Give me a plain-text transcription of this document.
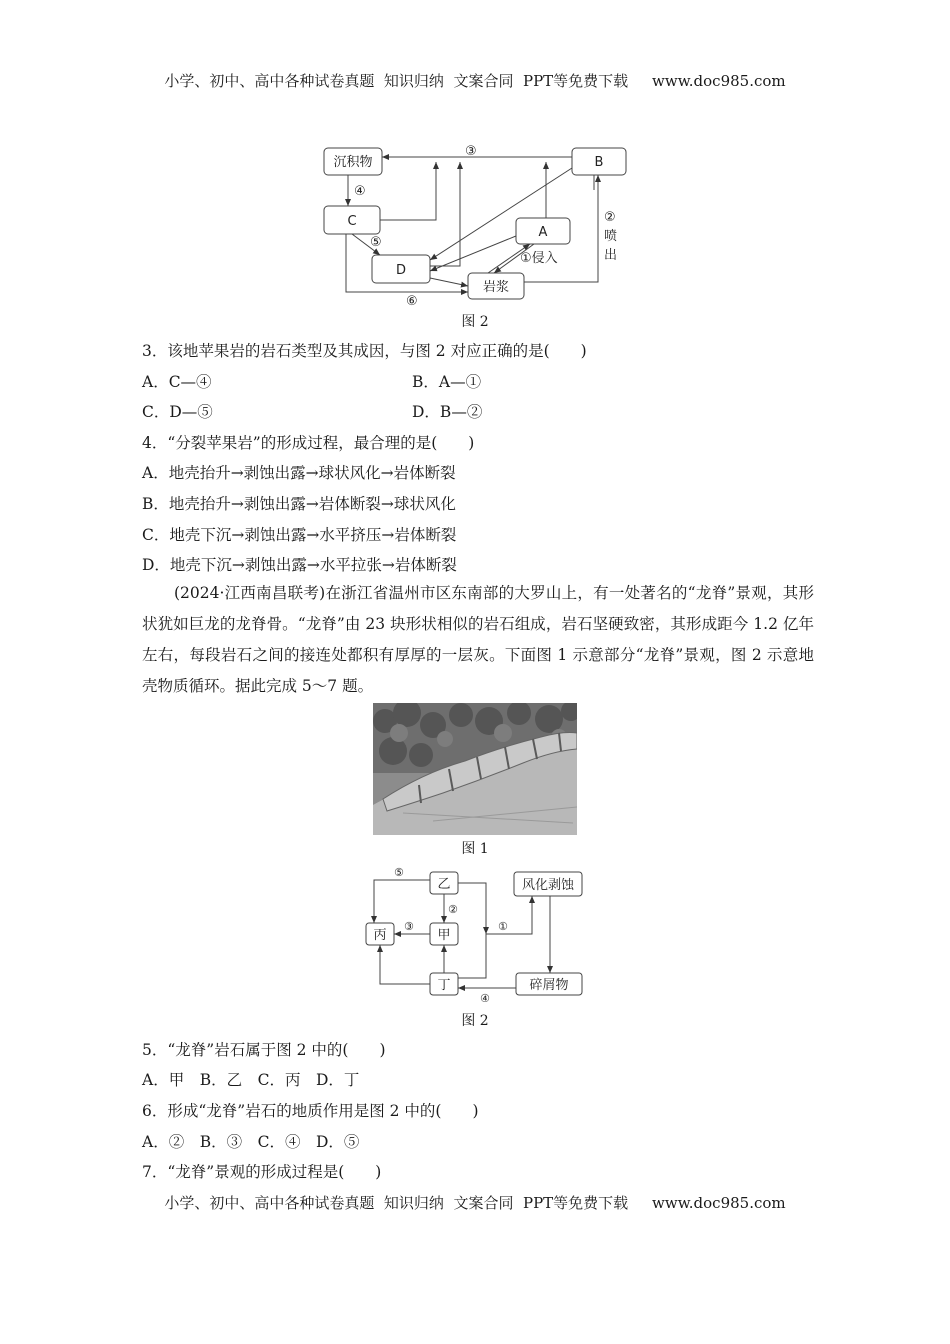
小学、初中、高中各种试卷真题  知识归纳  文案合同  PPT等免费下载 www.doc985.com
沉积物
C
D
B
A
岩浆
③
④
⑤
⑥
①侵入
②
喷
出
图 2
3．该地苹果岩的岩石类型及其成因，与图 2 对应正确的是(　　)
A．C—④	B．A—①
C．D—⑤	D．B—②
4．“分裂苹果岩”的形成过程，最合理的是(　　)
A．地壳抬升→剥蚀出露→球状风化→岩体断裂
B．地壳抬升→剥蚀出露→岩体断裂→球状风化
C．地壳下沉→剥蚀出露→水平挤压→岩体断裂
D．地壳下沉→剥蚀出露→水平拉张→岩体断裂
(2024·江西南昌联考)在浙江省温州市区东南部的大罗山上，有一处著名的“龙脊”景观，其形状犹如巨龙的龙脊骨。“龙脊”由 23 块形状相似的岩石组成，岩石坚硬致密，其形成距今 1.2 亿年左右，每段岩石之间的接连处都积有厚厚的一层灰。下面图 1 示意部分“龙脊”景观，图 2 示意地壳物质循环。据此完成 5～7 题。
图 1
乙
丙	甲
丁
风化剥蚀
碎屑物
⑤
②
③	①
④
图 2
5．“龙脊”岩石属于图 2 中的(　　)
A．甲　B．乙　C．丙　D．丁
6．形成“龙脊”岩石的地质作用是图 2 中的(　　)
A．②　B．③　C．④　D．⑤
7．“龙脊”景观的形成过程是(　　)
小学、初中、高中各种试卷真题  知识归纳  文案合同  PPT等免费下载 www.doc985.com
